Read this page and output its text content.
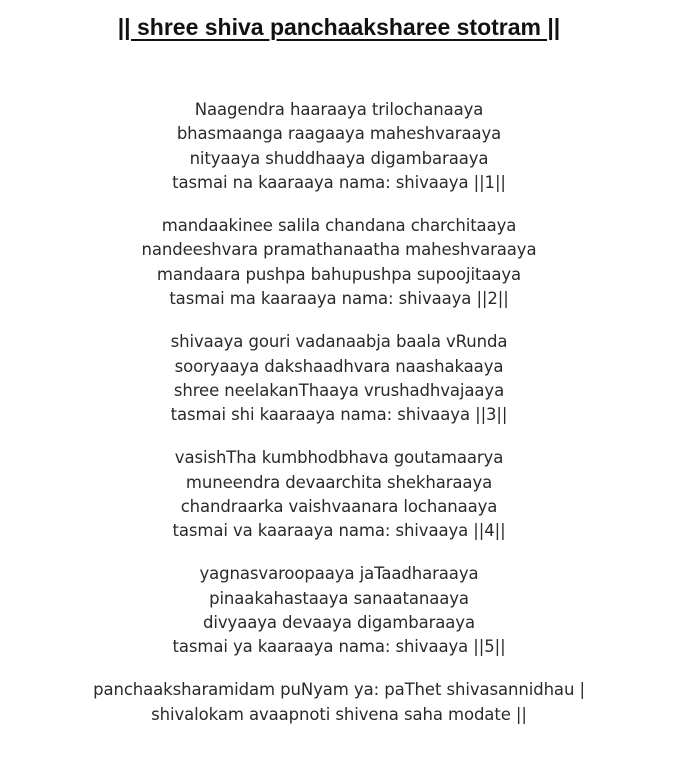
|| shree shiva panchaaksharee stotram ||
Naagendra haaraaya trilochanaaya
bhasmaanga raagaaya maheshvaraaya
nityaaya shuddhaaya digambaraaya
tasmai na kaaraaya nama: shivaaya ||1||
mandaakinee salila chandana charchitaaya
nandeeshvara pramathanaatha maheshvaraaya
mandaara pushpa bahupushpa supoojitaaya
tasmai ma kaaraaya nama: shivaaya ||2||
shivaaya gouri vadanaabja baala vRunda
sooryaaya dakshaadhvara naashakaaya
shree neelakanThaaya vrushadhvajaaya
tasmai shi kaaraaya nama: shivaaya ||3||
vasishTha kumbhodbhava goutamaarya
muneendra devaarchita shekharaaya
chandraarka vaishvaanara lochanaaya
tasmai va kaaraaya nama: shivaaya ||4||
yagnasvaroopaaya jaTaadharaaya
pinaakahastaaya sanaatanaaya
divyaaya devaaya digambaraaya
tasmai ya kaaraaya nama: shivaaya ||5||
panchaaksharamidam puNyam ya: paThet shivasannidhau |
shivalokam avaapnoti shivena saha modate ||
